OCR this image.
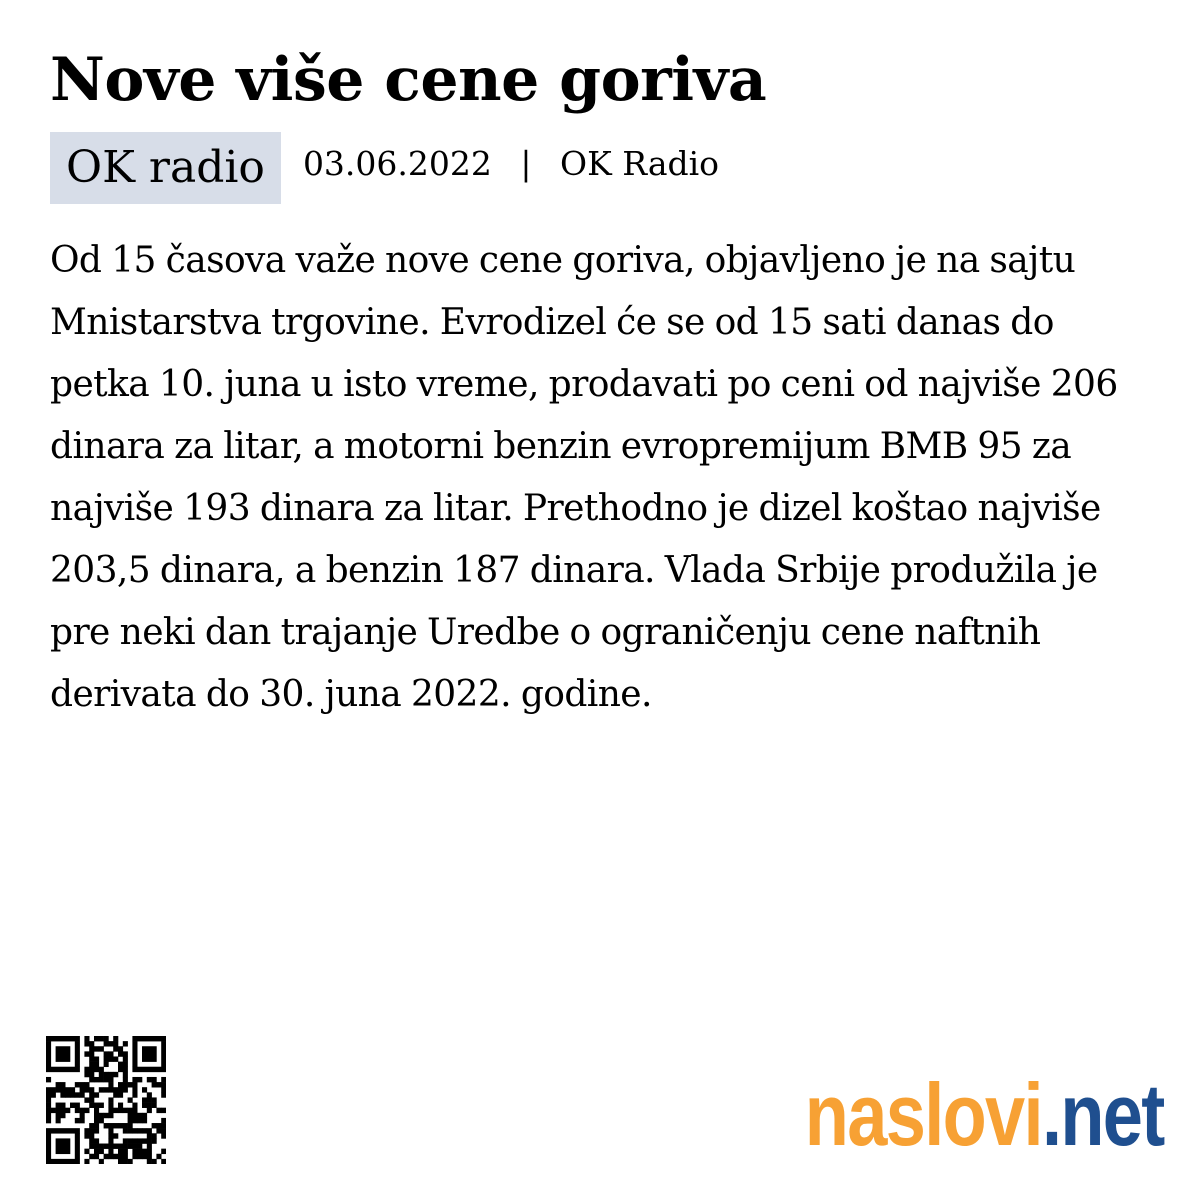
Nove više cene goriva
OK radio	03.06.2022 | OK Radio

Od 15 časova važe nove cene goriva, objavljeno je na sajtu Mnistarstva trgovine. Evrodizel će se od 15 sati danas do petka 10. juna u isto vreme, prodavati po ceni od najviše 206 dinara za litar, a motorni benzin evropremijum BMB 95 za najviše 193 dinara za litar. Prethodno je dizel koštao najviše 203,5 dinara, a benzin 187 dinara. Vlada Srbije produžila je pre neki dan trajanje Uredbe o ograničenju cene naftnih derivata do 30. juna 2022. godine.

naslovi .net
